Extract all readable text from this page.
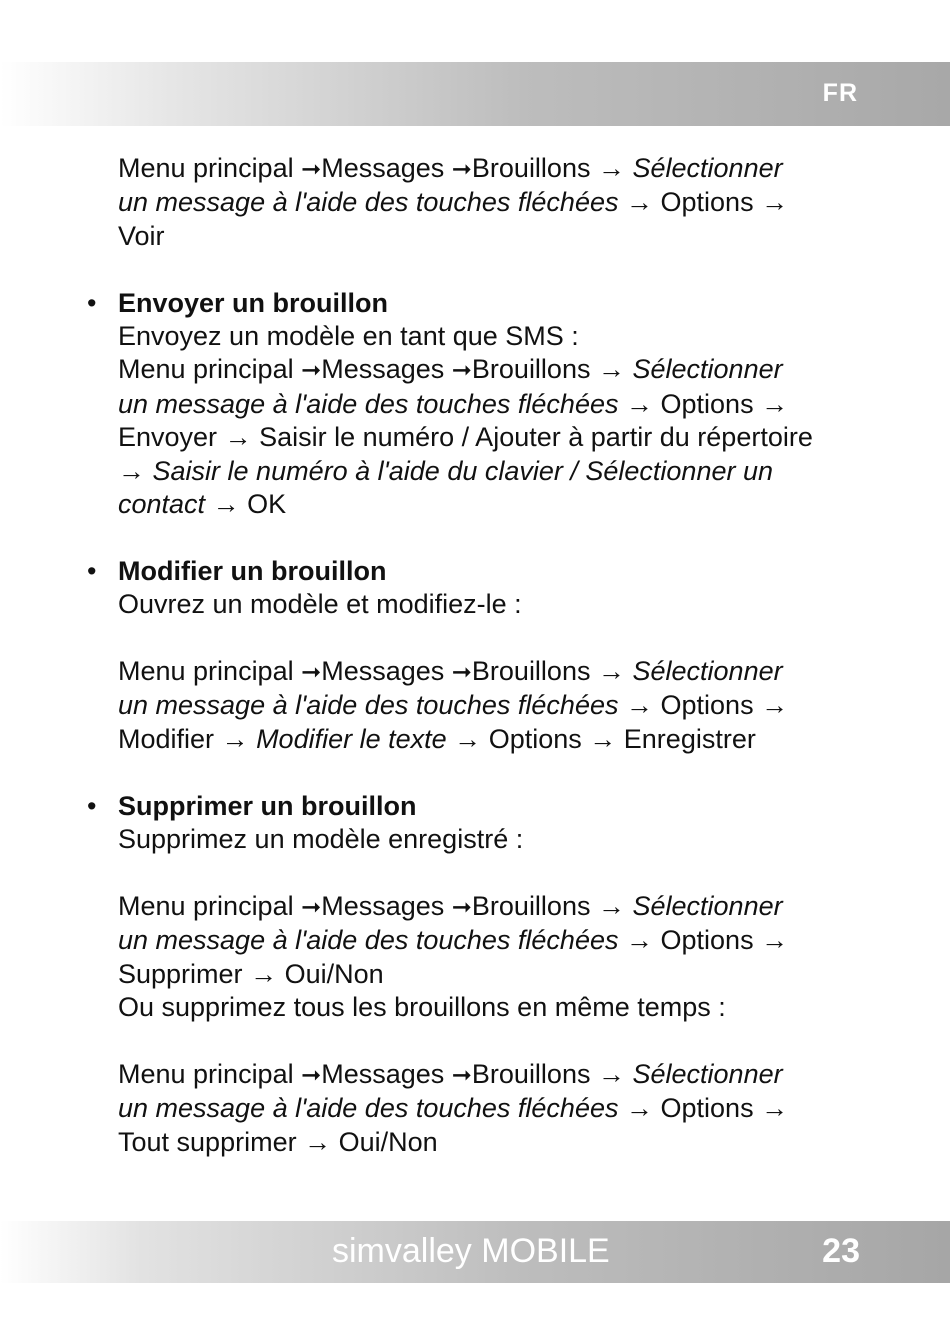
FR
Menu principal ➞Messages ➞Brouillons → Sélectionner
un message à l'aide des touches fléchées → Options →
Voir
• Envoyer un brouillon
Envoyez un modèle en tant que SMS :
Menu principal ➞Messages ➞Brouillons → Sélectionner
un message à l'aide des touches fléchées → Options →
Envoyer → Saisir le numéro / Ajouter à partir du répertoire
→ Saisir le numéro à l'aide du clavier / Sélectionner un
contact → OK
• Modifier un brouillon
Ouvrez un modèle et modifiez-le :
Menu principal ➞Messages ➞Brouillons → Sélectionner
un message à l'aide des touches fléchées → Options →
Modifier → Modifier le texte → Options → Enregistrer
• Supprimer un brouillon
Supprimez un modèle enregistré :
Menu principal ➞Messages ➞Brouillons → Sélectionner
un message à l'aide des touches fléchées → Options →
Supprimer → Oui/Non
Ou supprimez tous les brouillons en même temps :
Menu principal ➞Messages ➞Brouillons → Sélectionner
un message à l'aide des touches fléchées → Options →
Tout supprimer → Oui/Non
simvalley MOBILE	23
